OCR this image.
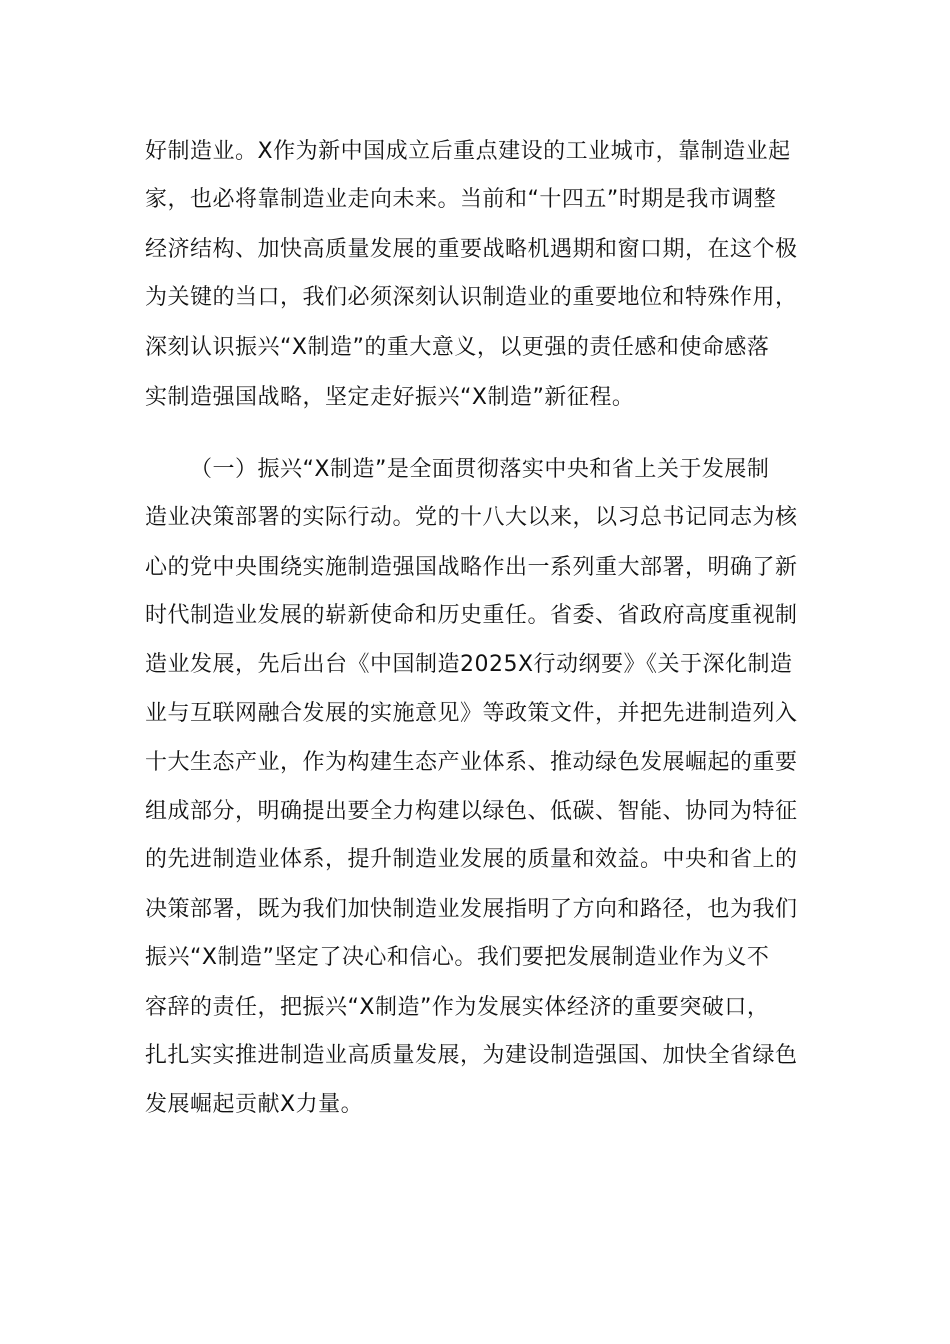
好制造业。X作为新中国成立后重点建设的工业城市，靠制造业起
家，也必将靠制造业走向未来。当前和“十四五”时期是我市调整
经济结构、加快高质量发展的重要战略机遇期和窗口期，在这个极
为关键的当口，我们必须深刻认识制造业的重要地位和特殊作用，
深刻认识振兴“X制造”的重大意义，以更强的责任感和使命感落
实制造强国战略，坚定走好振兴“X制造”新征程。
（一）振兴“X制造”是全面贯彻落实中央和省上关于发展制
造业决策部署的实际行动。党的十八大以来，以习总书记同志为核
心的党中央围绕实施制造强国战略作出一系列重大部署，明确了新
时代制造业发展的崭新使命和历史重任。省委、省政府高度重视制
造业发展，先后出台《中国制造2025X行动纲要》《关于深化制造
业与互联网融合发展的实施意见》等政策文件，并把先进制造列入
十大生态产业，作为构建生态产业体系、推动绿色发展崛起的重要
组成部分，明确提出要全力构建以绿色、低碳、智能、协同为特征
的先进制造业体系，提升制造业发展的质量和效益。中央和省上的
决策部署，既为我们加快制造业发展指明了方向和路径，也为我们
振兴“X制造”坚定了决心和信心。我们要把发展制造业作为义不
容辞的责任，把振兴“X制造”作为发展实体经济的重要突破口，
扎扎实实推进制造业高质量发展，为建设制造强国、加快全省绿色
发展崛起贡献X力量。
